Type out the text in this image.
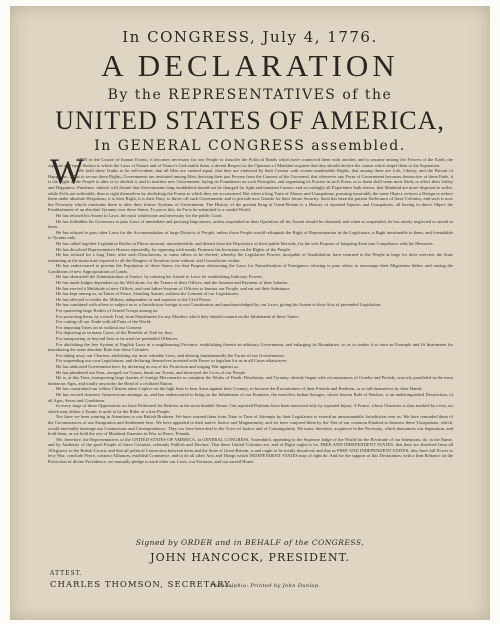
In CONGRESS, July 4, 1776.
A DECLARATION
By the REPRESENTATIVES of the
UNITED STATES OF AMERICA,
In GENERAL CONGRESS assembled.
W

HEN in the Course of human Events, it becomes necessary for one People to dissolve the Political Bands which have connected them with another, and to assume among the Powers of the Earth, the separate and equal Station to which the Laws of Nature and of Nature's God entitle them, a decent Respect to the Opinions of Mankind requires that they should declare the causes which impel them to the Separation.

We hold these Truths to be self-evident, that all Men are created equal, that they are endowed by their Creator with certain unalienable Rights, that among these are Life, Liberty, and the Pursuit of Happiness—That to secure these Rights, Governments are instituted among Men, deriving their just Powers from the Consent of the Governed, that whenever any Form of Government becomes destructive of these Ends, it is the Right of the People to alter or to abolish it, and to institute new Government, laying its Foundation on such Principles, and organizing its Powers in such Form, as to them shall seem most likely to effect their Safety and Happiness. Prudence, indeed, will dictate that Governments long established should not be changed for light and transient Causes; and accordingly all Experience hath shewn, that Mankind are more disposed to suffer, while Evils are sufferable, than to right themselves by abolishing the Forms to which they are accustomed. But when a long Train of Abuses and Usurpations, pursuing invariably the same Object, evinces a Design to reduce them under absolute Despotism, it is their Right, it is their Duty, to throw off such Government, and to provide new Guards for their future Security. Such has been the patient Sufferance of these Colonies; and such is now the Necessity which constrains them to alter their former Systems of Government. The History of the present King of Great-Britain is a History of repeated Injuries and Usurpations, all having in direct Object the Establishment of an absolute Tyranny over these States. To prove this, let Facts be submitted to a candid World.

He has refused his Assent to Laws, the most wholesome and necessary for the public Good.

He has forbidden his Governors to pass Laws of immediate and pressing Importance, unless suspended in their Operation till his Assent should be obtained; and when so suspended, he has utterly neglected to attend to them.

He has refused to pass other Laws for the Accommodation of large Districts of People, unless those People would relinquish the Right of Representation in the Legislature, a Right inestimable to them, and formidable to Tyrants only.

He has called together Legislative Bodies at Places unusual, uncomfortable, and distant from the Depository of their public Records, for the sole Purpose of fatiguing them into Compliance with his Measures.

He has dissolved Representative Houses repeatedly, for opposing with manly Firmness his Invasions on the Rights of the People.

He has refused for a long Time, after such Dissolutions, to cause others to be elected; whereby the Legislative Powers, incapable of Annihilation, have returned to the People at large for their exercise; the State remaining in the mean time exposed to all the Dangers of Invasion from without, and Convulsions within.

He has endeavoured to prevent the Population of these States; for that Purpose obstructing the Laws for Naturalization of Foreigners; refusing to pass others to encourage their Migrations hither, and raising the Conditions of new Appropriations of Lands.

He has obstructed the Administration of Justice, by refusing his Assent to Laws for establishing Judiciary Powers.

He has made Judges dependent on his Will alone, for the Tenure of their Offices, and the Amount and Payment of their Salaries.

He has erected a Multitude of new Offices, and sent hither Swarms of Officers to harrass our People, and eat out their Substance.

He has kept among us, in Times of Peace, Standing Armies, without the Consent of our Legislatures.

He has affected to render the Military independent of and superior to the Civil Power.

He has combined with others to subject us to a Jurisdiction foreign to our Constitution, and unacknowledged by our Laws; giving his Assent to their Acts of pretended Legislation:

For quartering large Bodies of Armed Troops among us:

For protecting them, by a mock Trial, from Punishment for any Murders which they should commit on the Inhabitants of these States:

For cutting off our Trade with all Parts of the World:

For imposing Taxes on us without our Consent:

For depriving us in many Cases, of the Benefits of Trial by Jury:

For transporting us beyond Seas to be tried for pretended Offences:

For abolishing the free System of English Laws in a neighbouring Province, establishing therein an arbitrary Government, and enlarging its Boundaries, so as to render it at once an Example and fit Instrument for introducing the same absolute Rule into these Colonies:

For taking away our Charters, abolishing our most valuable Laws, and altering fundamentally the Forms of our Governments:

For suspending our own Legislatures, and declaring themselves invested with Power to legislate for us in all Cases whatsoever.

He has abdicated Government here, by declaring us out of his Protection and waging War against us.

He has plundered our Seas, ravaged our Coasts, burnt our Towns, and destroyed the Lives of our People.

He is, at this Time, transporting large Armies of foreign Mercenaries to compleat the Works of Death, Desolation, and Tyranny, already begun with circumstances of Cruelty and Perfidy, scarcely paralleled in the most barbarous Ages, and totally unworthy the Head of a civilized Nation.

He has constrained our fellow Citizens taken Captive on the high Seas to bear Arms against their Country, to become the Executioners of their Friends and Brethren, or to fall themselves by their Hands.

He has excited domestic Insurrections amongst us, and has endeavoured to bring on the Inhabitants of our Frontiers, the merciless Indian Savages, whose known Rule of Warfare, is an undistinguished Destruction, of all Ages, Sexes and Conditions.

In every stage of these Oppressions we have Petitioned for Redress in the most humble Terms: Our repeated Petitions have been answered only by repeated Injury. A Prince, whose Character is thus marked by every act which may define a Tyrant, is unfit to be the Ruler of a free People.

Nor have we been wanting in Attentions to our British Brethren. We have warned them from Time to Time of Attempts by their Legislature to extend an unwarrantable Jurisdiction over us. We have reminded them of the Circumstances of our Emigration and Settlement here. We have appealed to their native Justice and Magnanimity, and we have conjured them by the Ties of our common Kindred to disavow these Usurpations, which, would inevitably interrupt our Connections and Correspondence. They too have been deaf to the Voice of Justice and of Consanguinity. We must, therefore, acquiesce in the Necessity, which denounces our Separation, and hold them, as we hold the rest of Mankind, Enemies in War, in Peace, Friends.

We, therefore, the Representatives of the UNITED STATES OF AMERICA, in GENERAL CONGRESS, Assembled, appealing to the Supreme Judge of the World for the Rectitude of our Intentions, do, in the Name, and by Authority of the good People of these Colonies, solemnly Publish and Declare, That these United Colonies are, and of Right ought to be, FREE AND INDEPENDENT STATES; that they are absolved from all Allegiance to the British Crown, and that all political Connection between them and the State of Great-Britain, is and ought to be totally dissolved; and that as FREE AND INDEPENDENT STATES, they have full Power to levy War, conclude Peace, contract Alliances, establish Commerce, and to do all other Acts and Things which INDEPENDENT STATES may of right do. And for the support of this Declaration, with a firm Reliance on the Protection of divine Providence, we mutually pledge to each other our Lives, our Fortunes, and our sacred Honor.

Signed by ORDER and in BEHALF of the CONGRESS,
JOHN HANCOCK, PRESIDENT.
ATTEST.
CHARLES THOMSON, SECRETARY.
Philadelphia: Printed by John Dunlap.
